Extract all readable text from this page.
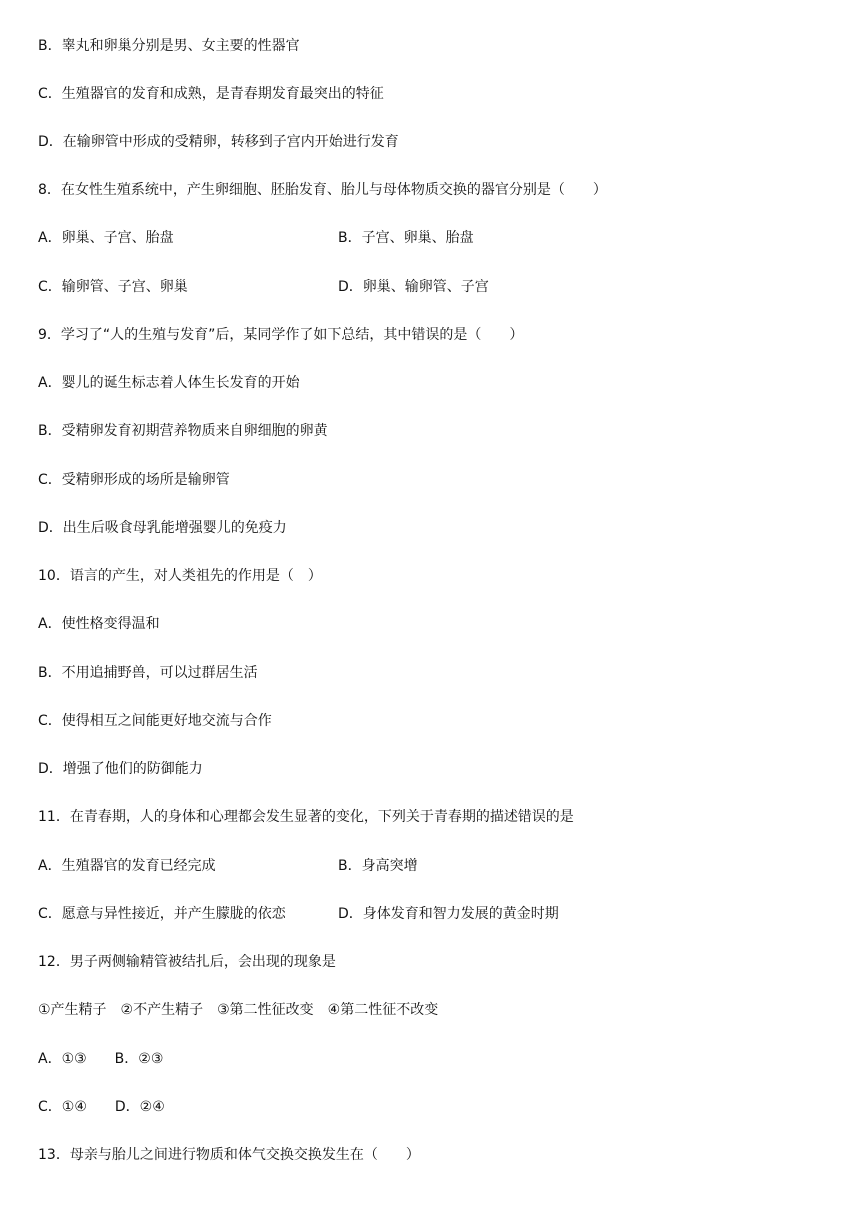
B．睾丸和卵巢分别是男、女主要的性器官
C．生殖器官的发育和成熟，是青春期发育最突出的特征
D．在输卵管中形成的受精卵，转移到子宫内开始进行发育
8．在女性生殖系统中，产生卵细胞、胚胎发育、胎儿与母体物质交换的器官分别是（　　）
A．卵巢、子宫、胎盘	B．子宫、卵巢、胎盘
C．输卵管、子宫、卵巢	D．卵巢、输卵管、子宫
9．学习了“人的生殖与发育”后，某同学作了如下总结，其中错误的是（　　）
A．婴儿的诞生标志着人体生长发育的开始
B．受精卵发育初期营养物质来自卵细胞的卵黄
C．受精卵形成的场所是输卵管
D．出生后吸食母乳能增强婴儿的免疫力
10．语言的产生，对人类祖先的作用是（　）
A．使性格变得温和
B．不用追捕野兽，可以过群居生活
C．使得相互之间能更好地交流与合作
D．增强了他们的防御能力
11．在青春期，人的身体和心理都会发生显著的变化，下列关于青春期的描述错误的是
A．生殖器官的发育已经完成	B．身高突增
C．愿意与异性接近，并产生朦胧的依恋	D．身体发育和智力发展的黄金时期
12．男子两侧输精管被结扎后，会出现的现象是
①产生精子　②不产生精子　③第二性征改变　④第二性征不改变
A．①③　　B．②③
C．①④　　D．②④
13．母亲与胎儿之间进行物质和体气交换交换发生在（　　）
